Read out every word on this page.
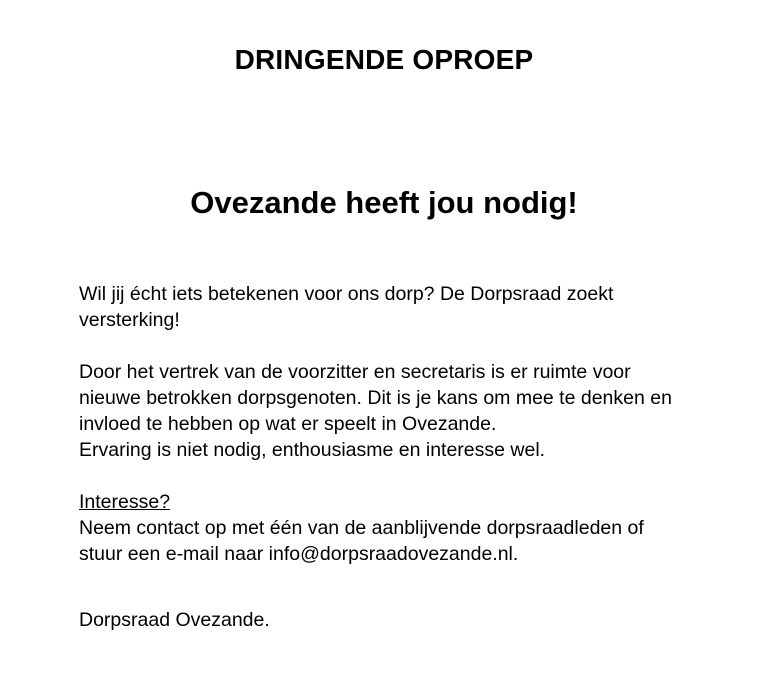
DRINGENDE OPROEP
Ovezande heeft jou nodig!

Wil jij écht iets betekenen voor ons dorp? De Dorpsraad zoekt
versterking!

Door het vertrek van de voorzitter en secretaris is er ruimte voor
nieuwe betrokken dorpsgenoten. Dit is je kans om mee te denken en
invloed te hebben op wat er speelt in Ovezande.

Ervaring is niet nodig, enthousiasme en interesse wel.

Interesse?
Neem contact op met één van de aanblijvende dorpsraadleden of
stuur een e-mail naar info@dorpsraadovezande.nl.

Dorpsraad Ovezande.
